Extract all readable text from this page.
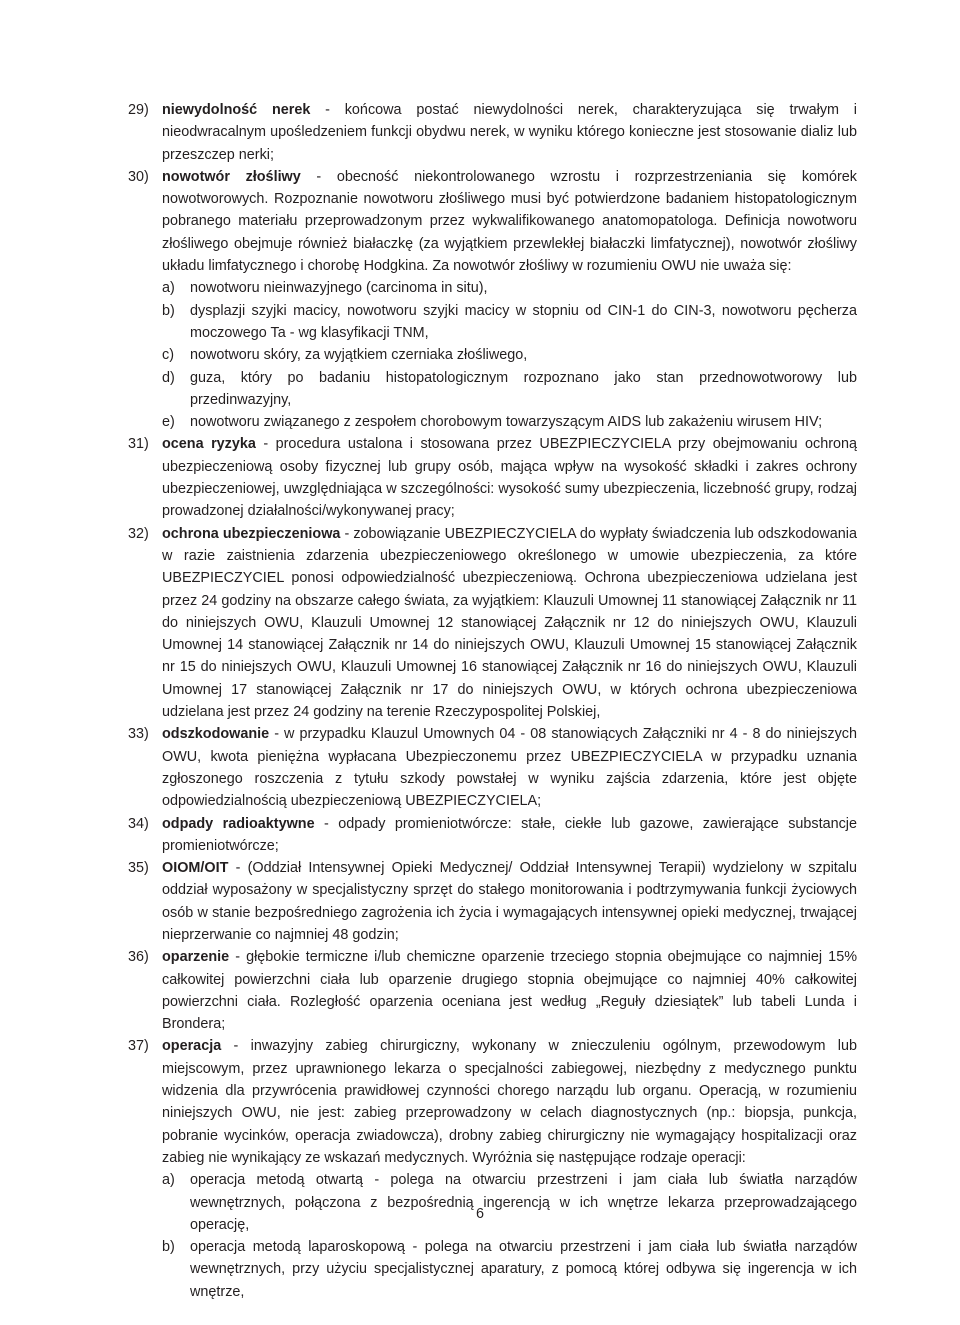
29) niewydolność nerek - końcowa postać niewydolności nerek, charakteryzująca się trwałym i nieodwracalnym upośledzeniem funkcji obydwu nerek, w wyniku którego konieczne jest stosowanie dializ lub przeszczep nerki;
30) nowotwór złośliwy - obecność niekontrolowanego wzrostu i rozprzestrzeniania się komórek nowotworowych. Rozpoznanie nowotworu złośliwego musi być potwierdzone badaniem histopatologicznym pobranego materiału przeprowadzonym przez wykwalifikowanego anatomopatologa. Definicja nowotworu złośliwego obejmuje również białaczkę (za wyjątkiem przewlekłej białaczki limfatycznej), nowotwór złośliwy układu limfatycznego i chorobę Hodgkina. Za nowotwór złośliwy w rozumieniu OWU nie uważa się:
a)	nowotworu nieinwazyjnego (carcinoma in situ),
b)	dysplazji szyjki macicy, nowotworu szyjki macicy w stopniu od CIN-1 do CIN-3, nowotworu pęcherza moczowego Ta - wg klasyfikacji TNM,
c)	nowotworu skóry, za wyjątkiem czerniaka złośliwego,
d)	guza, który po badaniu histopatologicznym rozpoznano jako stan przednowotworowy lub przedinwazyjny,
e)	nowotworu związanego z zespołem chorobowym towarzyszącym AIDS lub zakażeniu wirusem HIV;
31) ocena ryzyka - procedura ustalona i stosowana przez UBEZPIECZYCIELA przy obejmowaniu ochroną ubezpieczeniową osoby fizycznej lub grupy osób, mająca wpływ na wysokość składki i zakres ochrony ubezpieczeniowej, uwzględniająca w szczególności: wysokość sumy ubezpieczenia, liczebność grupy, rodzaj prowadzonej działalności/wykonywanej pracy;
32) ochrona ubezpieczeniowa - zobowiązanie UBEZPIECZYCIELA do wypłaty świadczenia lub odszkodowania w razie zaistnienia zdarzenia ubezpieczeniowego określonego w umowie ubezpieczenia, za które UBEZPIECZYCIEL ponosi odpowiedzialność ubezpieczeniową. Ochrona ubezpieczeniowa udzielana jest przez 24 godziny na obszarze całego świata, za wyjątkiem: Klauzuli Umownej 11 stanowiącej Załącznik nr 11 do niniejszych OWU, Klauzuli Umownej 12 stanowiącej Załącznik nr 12 do niniejszych OWU, Klauzuli Umownej 14 stanowiącej Załącznik nr 14 do niniejszych OWU, Klauzuli Umownej 15 stanowiącej Załącznik nr 15 do niniejszych OWU, Klauzuli Umownej 16 stanowiącej Załącznik nr 16 do niniejszych OWU, Klauzuli Umownej 17 stanowiącej Załącznik nr 17 do niniejszych OWU, w których ochrona ubezpieczeniowa udzielana jest przez 24 godziny na terenie Rzeczypospolitej Polskiej,
33) odszkodowanie - w przypadku Klauzul Umownych 04 - 08 stanowiących Załączniki nr 4 - 8 do niniejszych OWU, kwota pieniężna wypłacana Ubezpieczonemu przez UBEZPIECZYCIELA w przypadku uznania zgłoszonego roszczenia z tytułu szkody powstałej w wyniku zajścia zdarzenia, które jest objęte odpowiedzialnością ubezpieczeniową UBEZPIECZYCIELA;
34) odpady radioaktywne - odpady promieniotwórcze: stałe, ciekłe lub gazowe, zawierające substancje promieniotwórcze;
35) OIOM/OIT - (Oddział Intensywnej Opieki Medycznej/ Oddział Intensywnej Terapii) wydzielony w szpitalu oddział wyposażony w specjalistyczny sprzęt do stałego monitorowania i podtrzymywania funkcji życiowych osób w stanie bezpośredniego zagrożenia ich życia i wymagających intensywnej opieki medycznej, trwającej nieprzerwanie co najmniej 48 godzin;
36) oparzenie - głębokie termiczne i/lub chemiczne oparzenie trzeciego stopnia obejmujące co najmniej 15% całkowitej powierzchni ciała lub oparzenie drugiego stopnia obejmujące co najmniej 40% całkowitej powierzchni ciała. Rozległość oparzenia oceniana jest według „Reguły dziesiątek” lub tabeli Lunda i Brondera;
37) operacja - inwazyjny zabieg chirurgiczny, wykonany w znieczuleniu ogólnym, przewodowym lub miejscowym, przez uprawnionego lekarza o specjalności zabiegowej, niezbędny z medycznego punktu widzenia dla przywrócenia prawidłowej czynności chorego narządu lub organu. Operacją, w rozumieniu niniejszych OWU, nie jest: zabieg przeprowadzony w celach diagnostycznych (np.: biopsja, punkcja, pobranie wycinków, operacja zwiadowcza), drobny zabieg chirurgiczny nie wymagający hospitalizacji oraz zabieg nie wynikający ze wskazań medycznych. Wyróżnia się następujące rodzaje operacji:
a)	operacja metodą otwartą - polega na otwarciu przestrzeni i jam ciała lub światła narządów wewnętrznych, połączona z bezpośrednią ingerencją w ich wnętrze lekarza przeprowadzającego operację,
b)	operacja metodą laparoskopową - polega na otwarciu przestrzeni i jam ciała lub światła narządów wewnętrznych, przy użyciu specjalistycznej aparatury, z pomocą której odbywa się ingerencja w ich wnętrze,
6
